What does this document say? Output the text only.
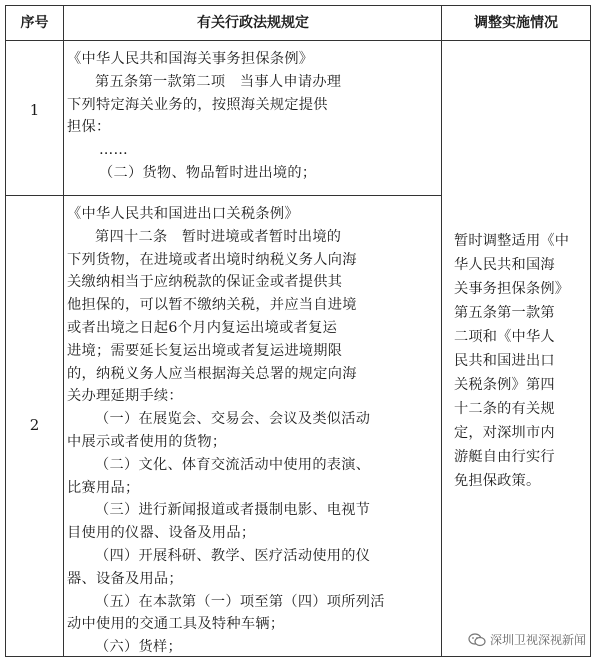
序号	有关行政法规规定	调整实施情况
1
《中华人民共和国海关事务担保条例》
第五条第一款第二项　当事人申请办理
下列特定海关业务的，按照海关规定提供
担保：
……
（二）货物、物品暂时进出境的；
2
《中华人民共和国进出口关税条例》
第四十二条　暂时进境或者暂时出境的
下列货物，在进境或者出境时纳税义务人向海
关缴纳相当于应纳税款的保证金或者提供其
他担保的，可以暂不缴纳关税，并应当自进境
或者出境之日起6个月内复运出境或者复运
进境；需要延长复运出境或者复运进境期限
的，纳税义务人应当根据海关总署的规定向海
关办理延期手续：
（一）在展览会、交易会、会议及类似活动
中展示或者使用的货物；
（二）文化、体育交流活动中使用的表演、
比赛用品；
（三）进行新闻报道或者摄制电影、电视节
目使用的仪器、设备及用品；
（四）开展科研、教学、医疗活动使用的仪
器、设备及用品；
（五）在本款第（一）项至第（四）项所列活
动中使用的交通工具及特种车辆；
（六）货样；
暂时调整适用《中
华人民共和国海
关事务担保条例》
第五条第一款第
二项和《中华人
民共和国进出口
关税条例》第四
十二条的有关规
定，对深圳市内
游艇自由行实行
免担保政策。
深圳卫视深视新闻
